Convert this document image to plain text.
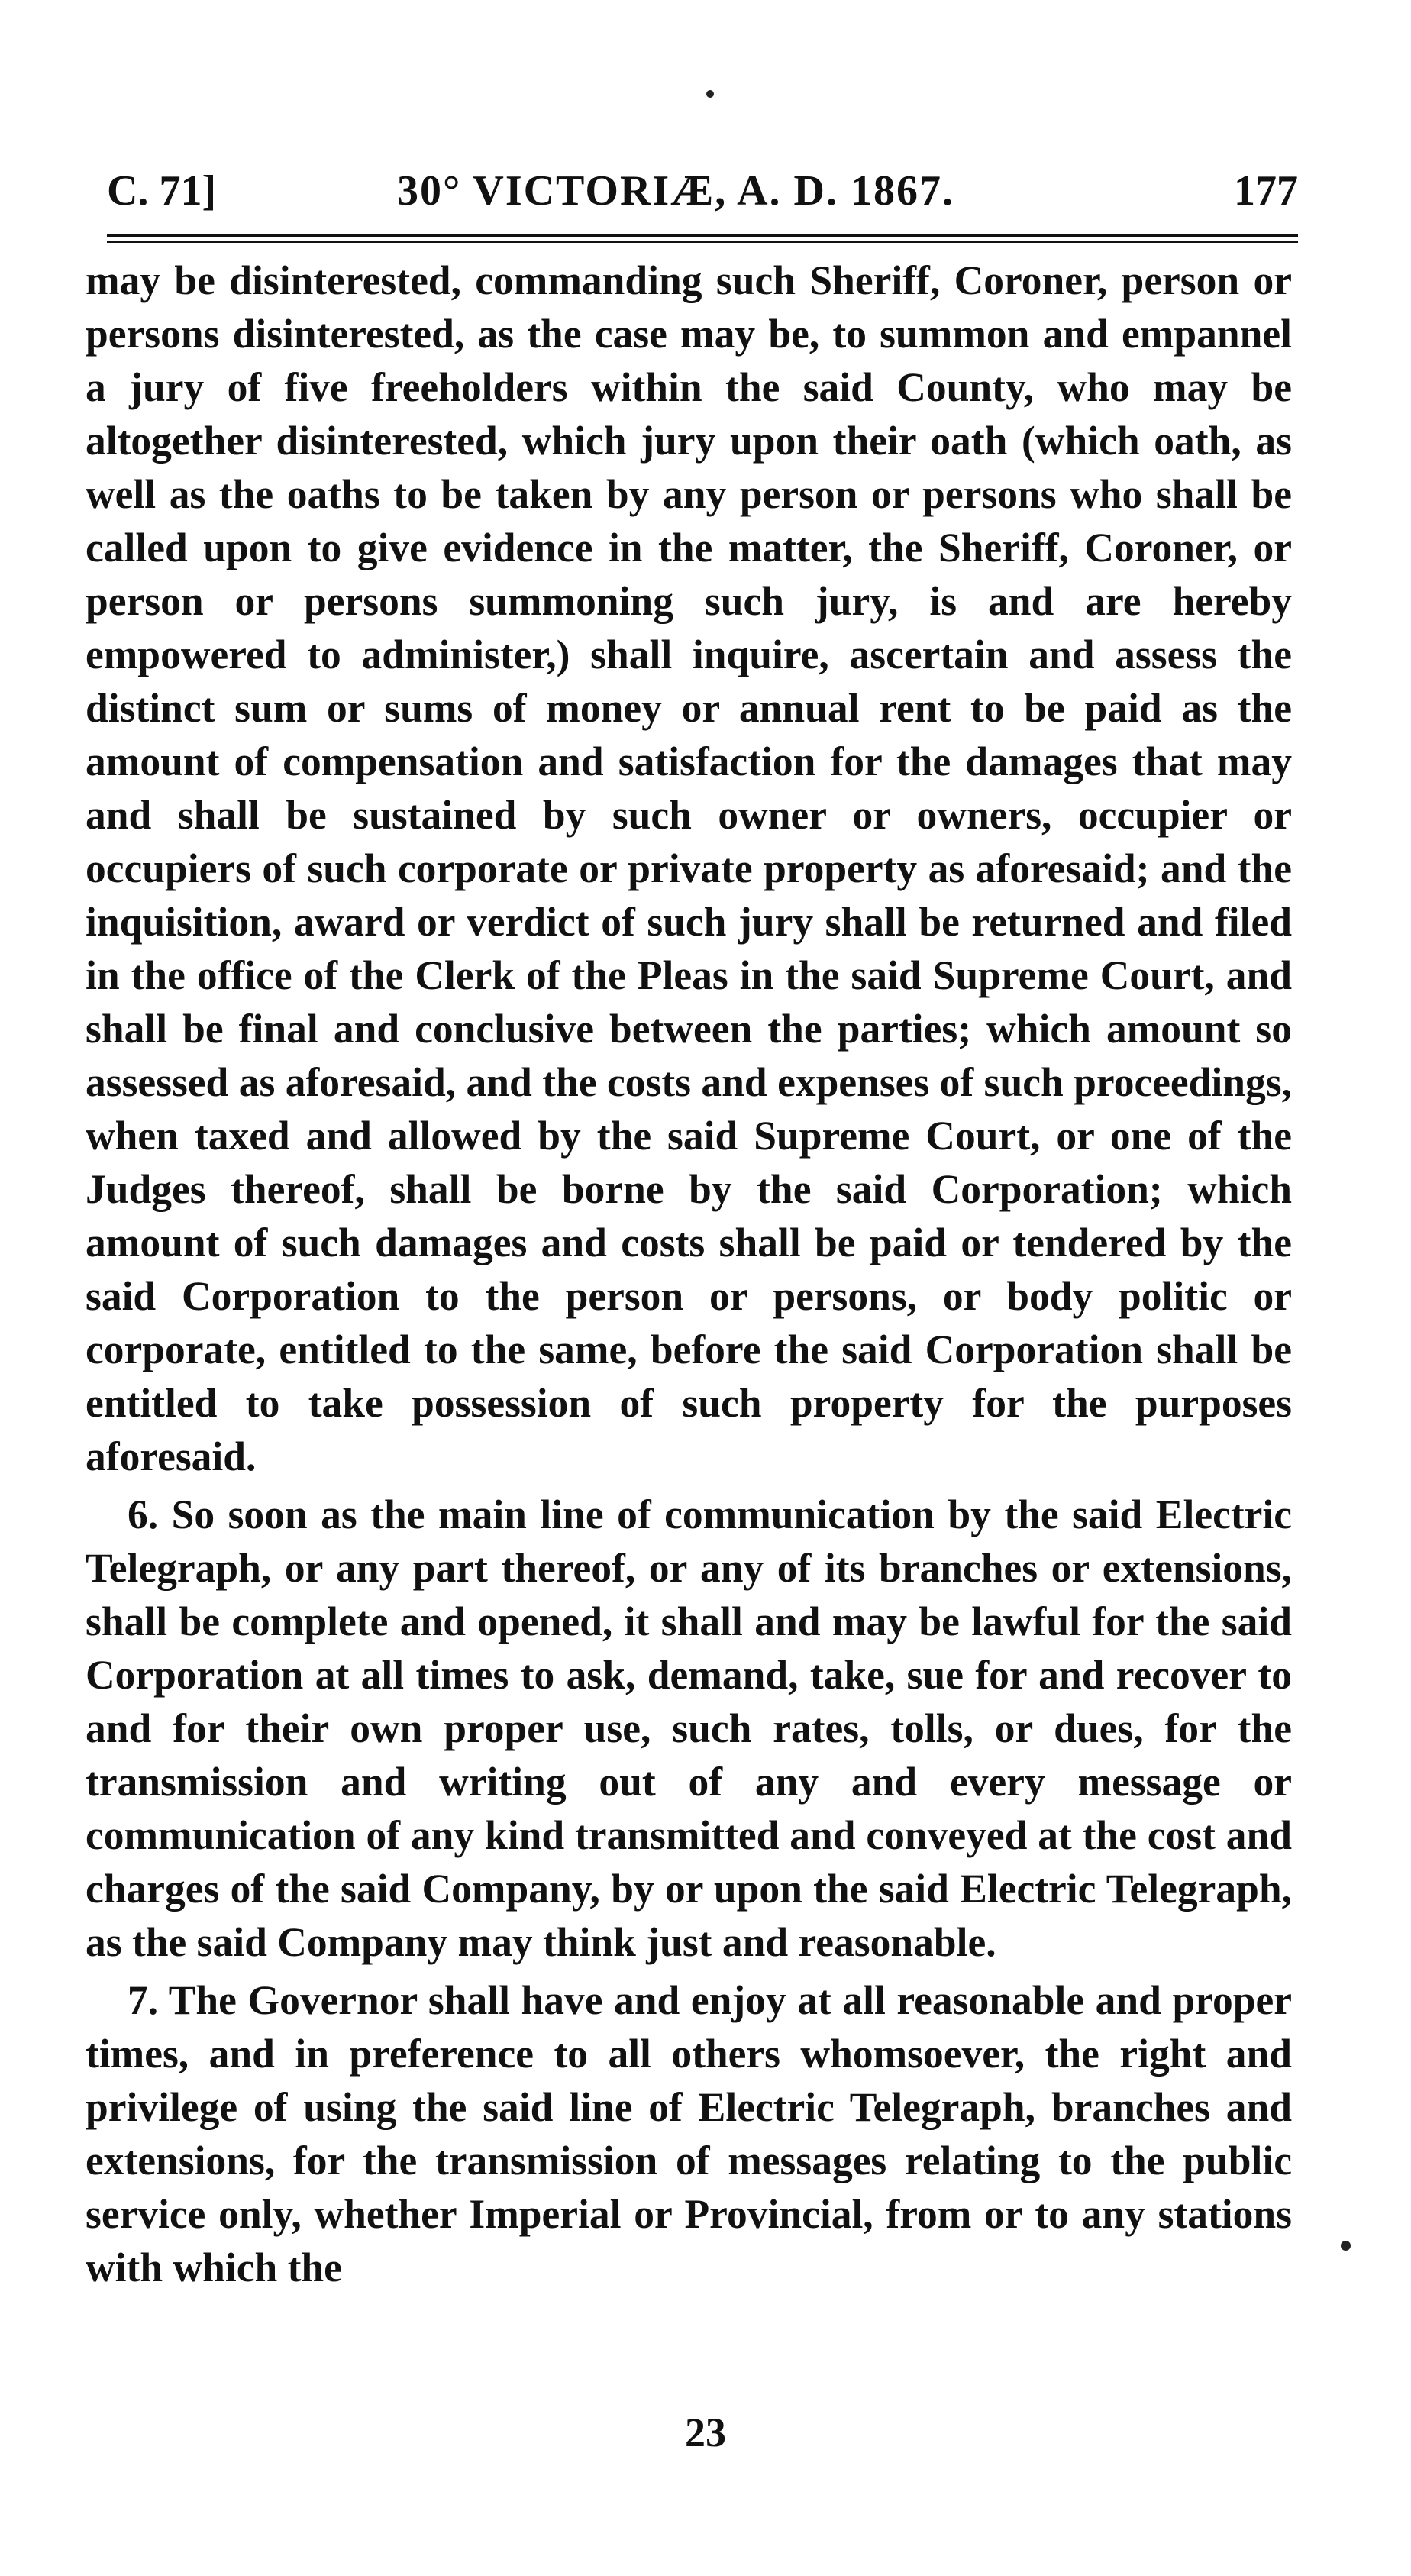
C. 71]	30° VICTORIÆ, A. D. 1867.	177

may be disinterested, commanding such Sheriff, Coroner, person or persons disinterested, as the case may be, to summon and empannel a jury of five freeholders within the said County, who may be altogether disinterested, which jury upon their oath (which oath, as well as the oaths to be taken by any person or persons who shall be called upon to give evidence in the matter, the Sheriff, Coroner, or person or persons summoning such jury, is and are hereby empowered to administer,) shall inquire, ascertain and assess the distinct sum or sums of money or annual rent to be paid as the amount of compensation and satisfaction for the damages that may and shall be sustained by such owner or owners, occupier or occupiers of such corporate or private property as aforesaid; and the inquisition, award or verdict of such jury shall be returned and filed in the office of the Clerk of the Pleas in the said Supreme Court, and shall be final and conclusive between the parties; which amount so assessed as aforesaid, and the costs and expenses of such proceedings, when taxed and allowed by the said Supreme Court, or one of the Judges thereof, shall be borne by the said Corporation; which amount of such damages and costs shall be paid or tendered by the said Corporation to the person or persons, or body politic or corporate, entitled to the same, before the said Corporation shall be entitled to take possession of such property for the purposes aforesaid.

6. So soon as the main line of communication by the said Electric Telegraph, or any part thereof, or any of its branches or extensions, shall be complete and opened, it shall and may be lawful for the said Corporation at all times to ask, demand, take, sue for and recover to and for their own proper use, such rates, tolls, or dues, for the transmission and writing out of any and every message or communication of any kind transmitted and conveyed at the cost and charges of the said Company, by or upon the said Electric Telegraph, as the said Company may think just and reasonable.

7. The Governor shall have and enjoy at all reasonable and proper times, and in preference to all others whomsoever, the right and privilege of using the said line of Electric Telegraph, branches and extensions, for the transmission of messages relating to the public service only, whether Imperial or Provincial, from or to any stations with which the

23
